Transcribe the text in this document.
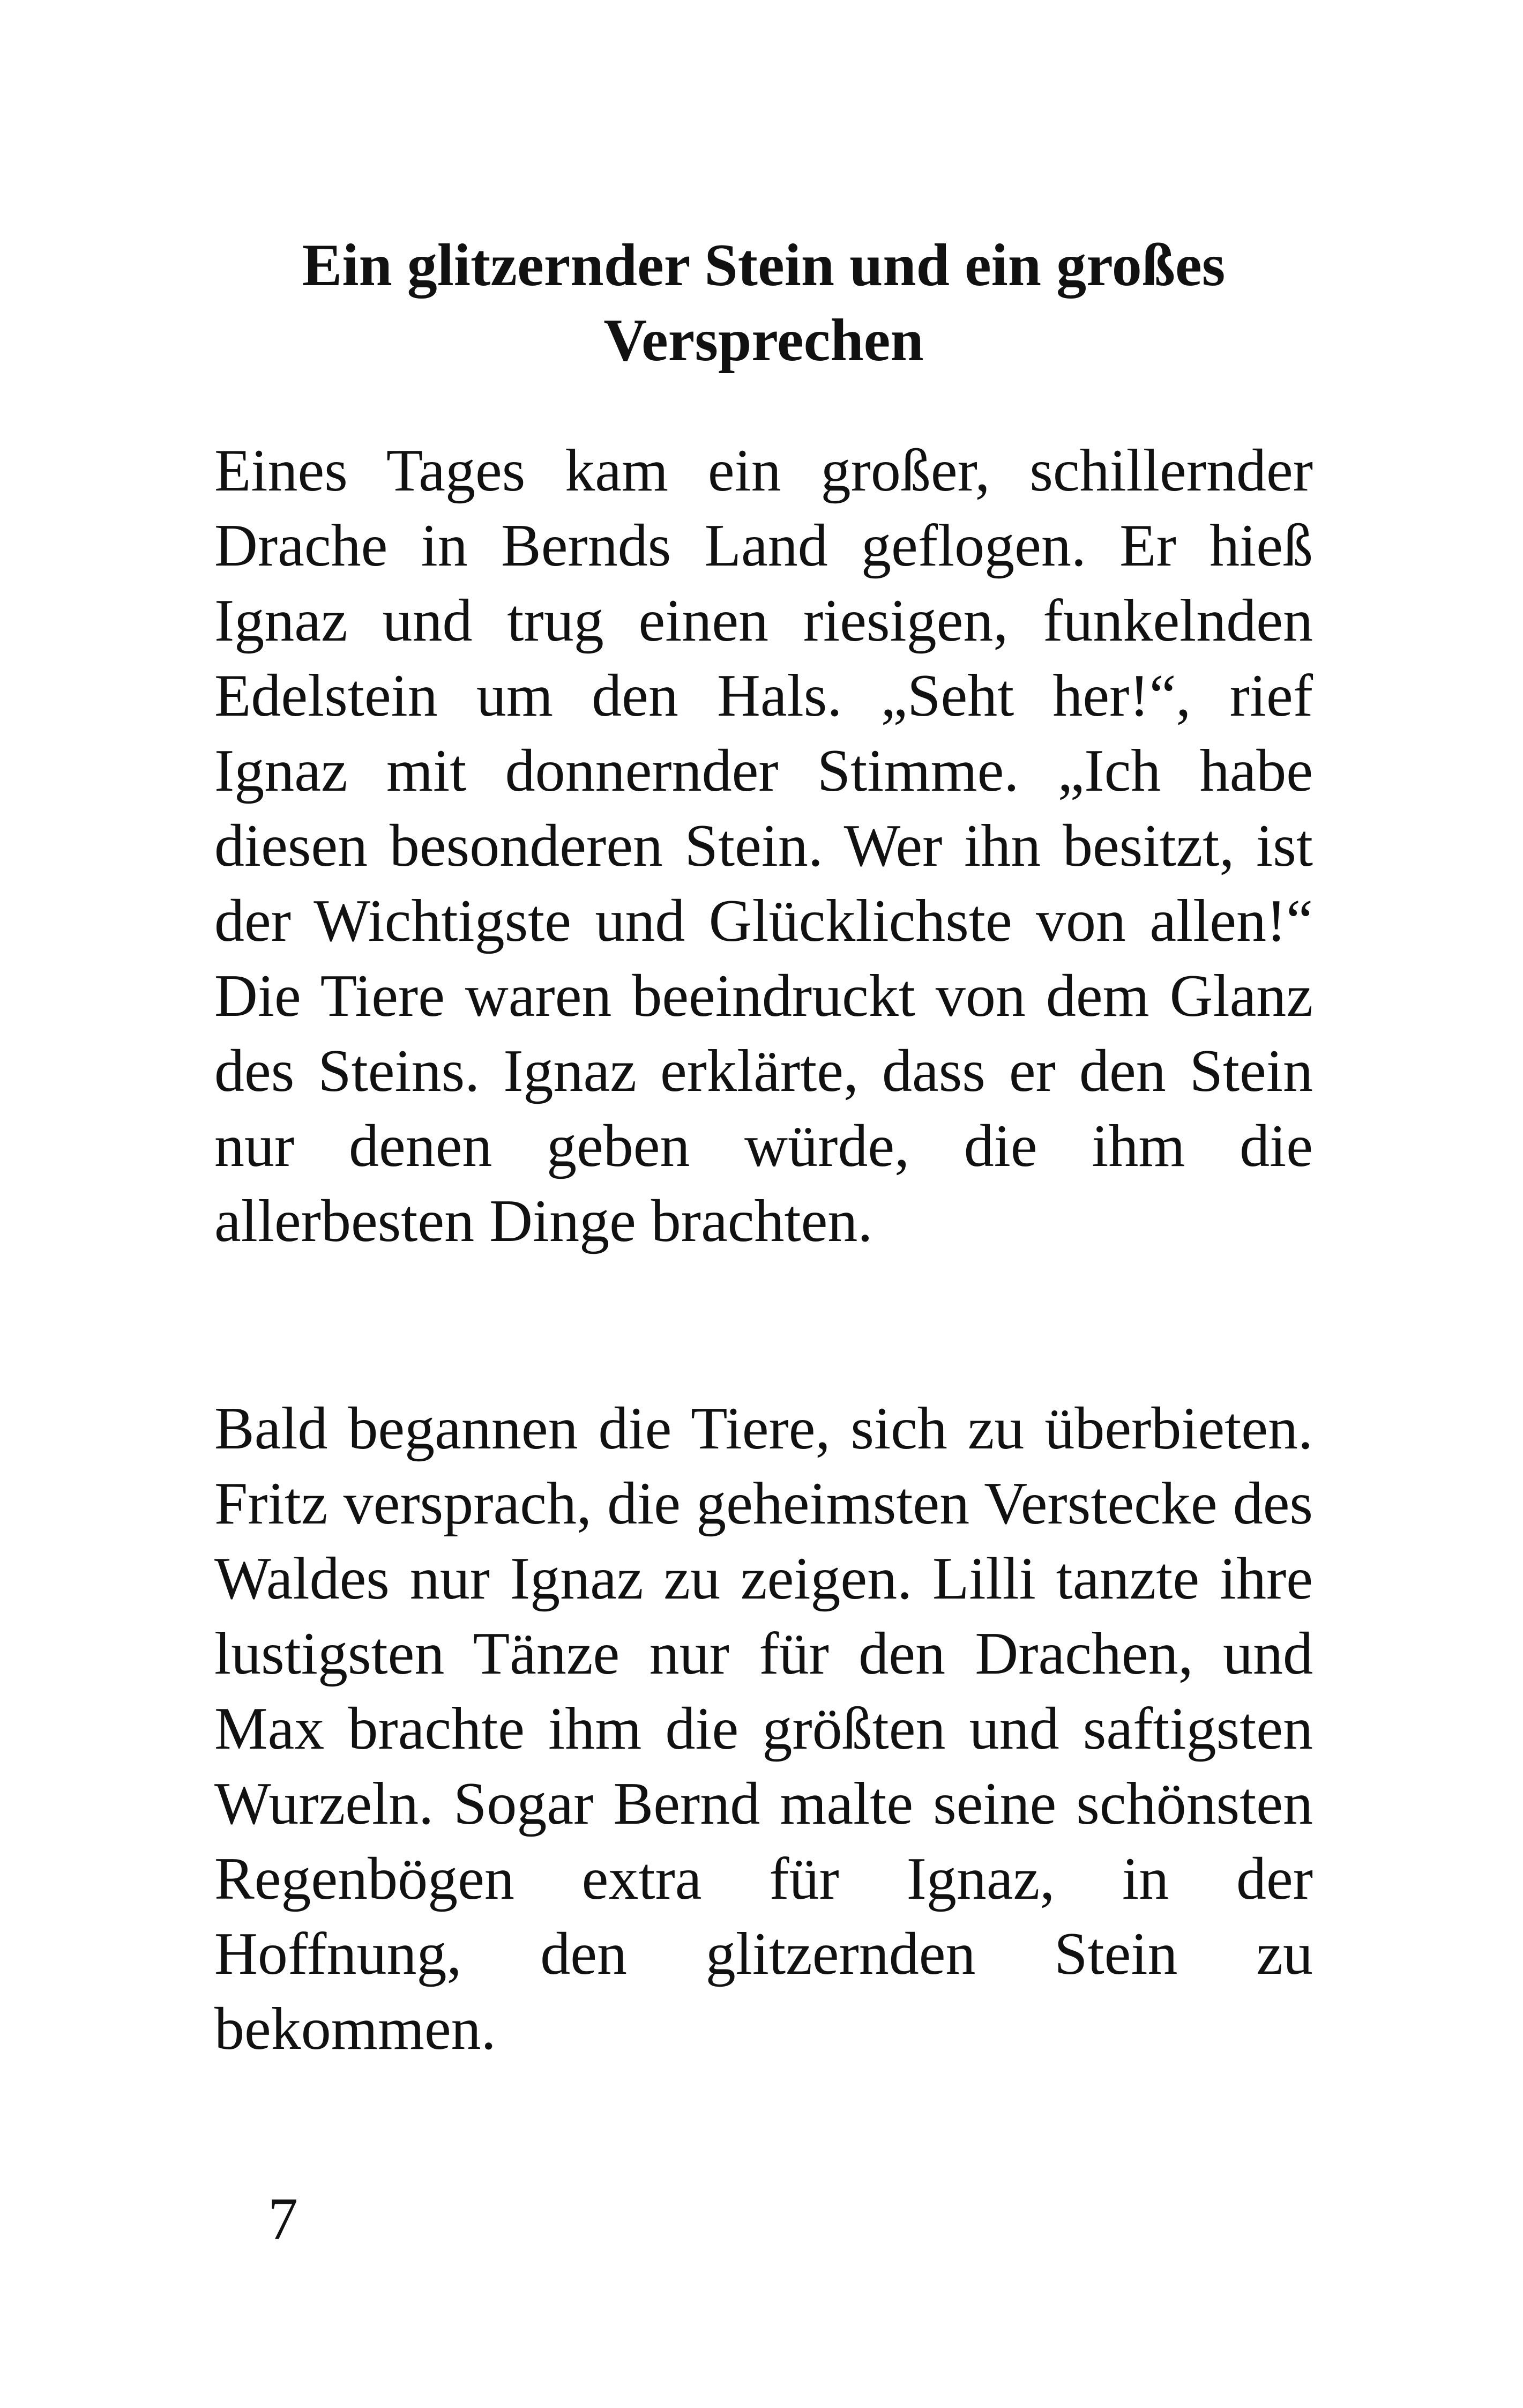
Ein glitzernder Stein und ein großes Versprechen

Eines Tages kam ein großer, schillernder Drache in Bernds Land geflogen. Er hieß Ignaz und trug einen riesigen, funkelnden Edelstein um den Hals. „Seht her!“, rief Ignaz mit donnernder Stimme. „Ich habe diesen besonderen Stein. Wer ihn besitzt, ist der Wichtigste und Glücklichste von allen!“ Die Tiere waren beeindruckt von dem Glanz des Steins. Ignaz erklärte, dass er den Stein nur denen geben würde, die ihm die allerbesten Dinge brachten.

Bald begannen die Tiere, sich zu überbieten. Fritz versprach, die geheimsten Verstecke des Waldes nur Ignaz zu zeigen. Lilli tanzte ihre lustigsten Tänze nur für den Drachen, und Max brachte ihm die größten und saftigsten Wurzeln. Sogar Bernd malte seine schönsten Regenbögen extra für Ignaz, in der Hoffnung, den glitzernden Stein zu bekommen.

7
